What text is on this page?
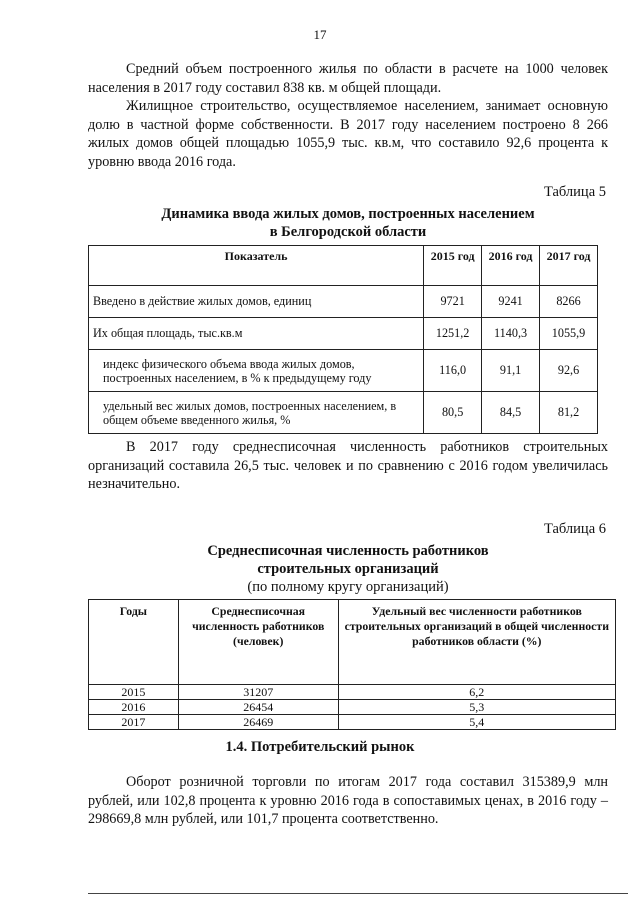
17

Средний объем построенного жилья по области в расчете на 1000 человек населения в 2017 году составил 838 кв. м общей площади.

Жилищное строительство, осуществляемое населением, занимает основную долю в частной форме собственности. В 2017 году населением построено 8 266 жилых домов общей площадью 1055,9 тыс. кв.м, что составило 92,6 процента к уровню ввода 2016 года.

Таблица 5
Динамика ввода жилых домов, построенных населением
в Белгородской области
Показатель	2015 год	2016 год	2017 год
Введено в действие жилых домов, единиц	9721	9241	8266
Их общая площадь, тыс.кв.м	1251,2	1140,3	1055,9
индекс физического объема ввода жилых домов, построенных населением, в % к предыдущему году	116,0	91,1	92,6
удельный вес жилых домов, построенных населением, в общем объеме введенного жилья, %	80,5	84,5	81,2

В 2017 году среднесписочная численность работников строительных организаций составила 26,5 тыс. человек и по сравнению с 2016 годом увеличилась незначительно.

Таблица 6
Среднесписочная численность работников
строительных организаций
(по полному кругу организаций)
Годы	Среднесписочная численность работников (человек)	Удельный вес численности работников строительных организаций в общей численности работников области (%)
2015	31207	6,2
2016	26454	5,3
2017	26469	5,4
1.4. Потребительский рынок

Оборот розничной торговли по итогам 2017 года составил 315389,9 млн рублей, или 102,8 процента к уровню 2016 года в сопоставимых ценах, в 2016 году – 298669,8 млн рублей, или 101,7 процента соответственно.
